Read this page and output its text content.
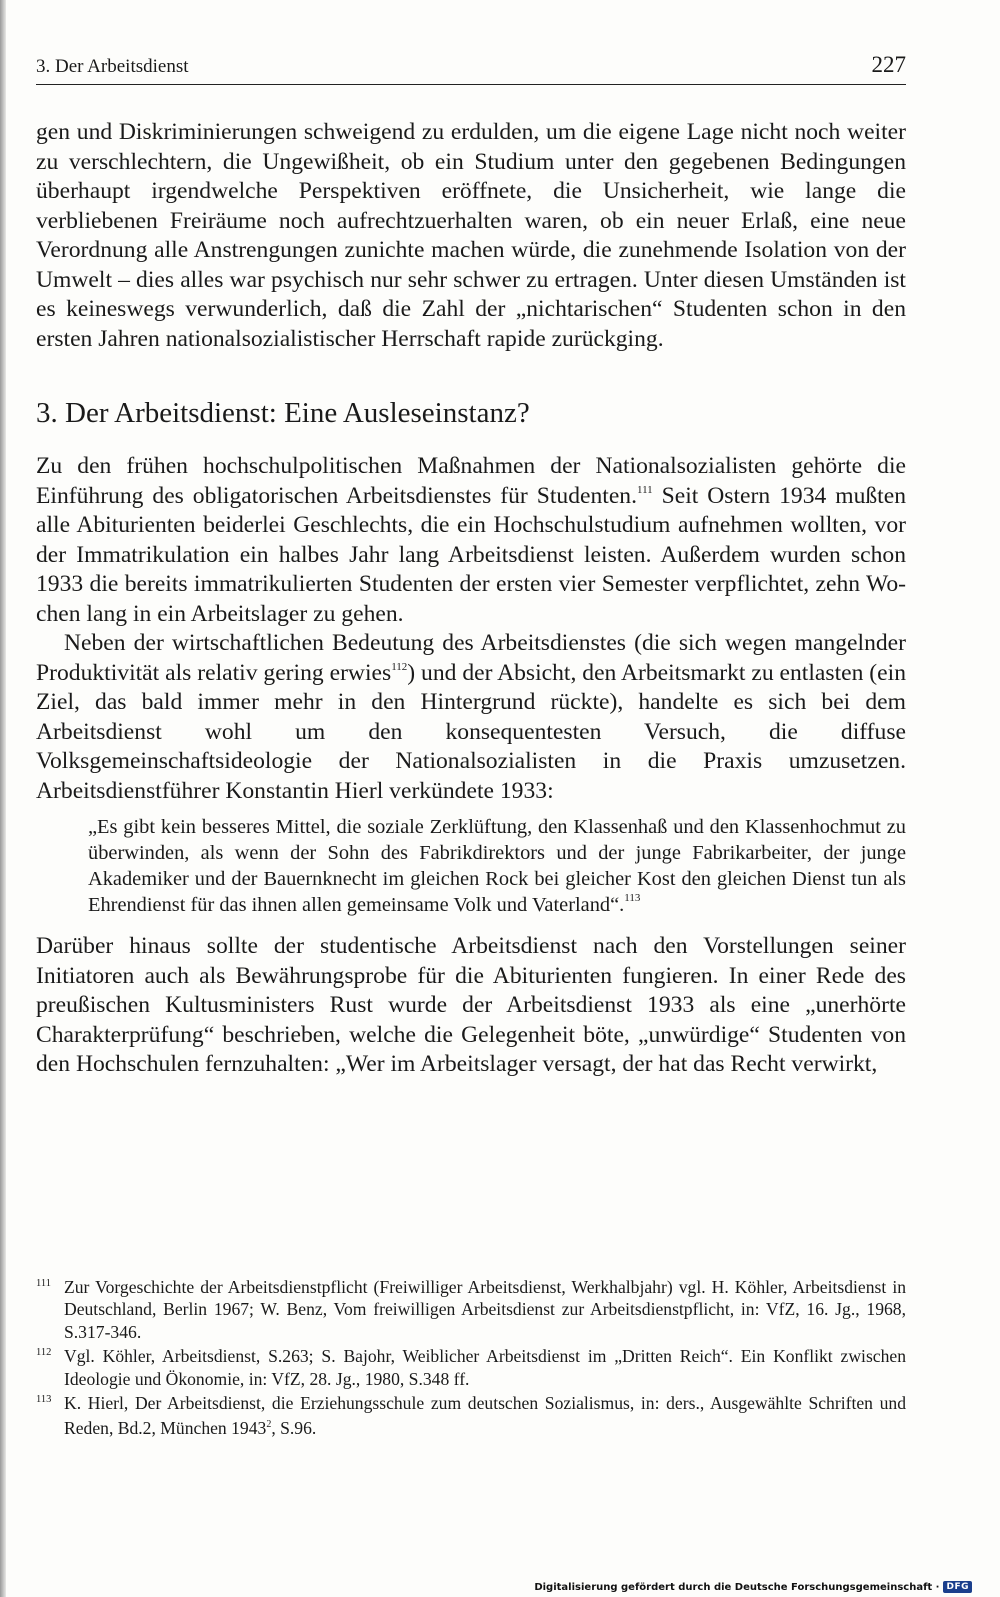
3. Der Arbeitsdienst	227

gen und Diskriminierungen schweigend zu erdulden, um die eigene Lage nicht noch weiter zu verschlechtern, die Ungewißheit, ob ein Studium unter den gegebenen Bedingungen überhaupt irgendwelche Perspektiven eröffnete, die Unsicherheit, wie lange die verbliebenen Freiräume noch aufrechtzuerhalten waren, ob ein neuer Erlaß, eine neue Verordnung alle Anstrengungen zunichte machen würde, die zunehmende Isolation von der Umwelt – dies alles war psychisch nur sehr schwer zu ertragen. Unter diesen Umständen ist es keineswegs verwunderlich, daß die Zahl der „nichtarischen“ Studenten schon in den ersten Jahren nationalsozialistischer Herrschaft rapide zurückging.

3. Der Arbeitsdienst: Eine Ausleseinstanz?

Zu den frühen hochschulpolitischen Maßnahmen der Nationalsozialisten gehörte die Einführung des obligatorischen Arbeitsdienstes für Studenten.$^{111}$ Seit Ostern 1934 mußten alle Abiturienten beiderlei Geschlechts, die ein Hochschulstudium aufnehmen wollten, vor der Immatrikulation ein halbes Jahr lang Arbeitsdienst leisten. Außerdem wurden schon 1933 die bereits immatrikulierten Studenten der ersten vier Semester verpflichtet, zehn Wochen lang in ein Arbeitslager zu gehen.

Neben der wirtschaftlichen Bedeutung des Arbeitsdienstes (die sich wegen mangelnder Produktivität als relativ gering erwies$^{112}$) und der Absicht, den Arbeitsmarkt zu entlasten (ein Ziel, das bald immer mehr in den Hintergrund rückte), handelte es sich bei dem Arbeitsdienst wohl um den konsequentesten Versuch, die diffuse Volksgemeinschaftsideologie der Nationalsozialisten in die Praxis umzusetzen. Arbeitsdienstführer Konstantin Hierl verkündete 1933:

„Es gibt kein besseres Mittel, die soziale Zerklüftung, den Klassenhaß und den Klassenhochmut zu überwinden, als wenn der Sohn des Fabrikdirektors und der junge Fabrikarbeiter, der junge Akademiker und der Bauernknecht im gleichen Rock bei gleicher Kost den gleichen Dienst tun als Ehrendienst für das ihnen allen gemeinsame Volk und Vaterland“.$^{113}$

Darüber hinaus sollte der studentische Arbeitsdienst nach den Vorstellungen seiner Initiatoren auch als Bewährungsprobe für die Abiturienten fungieren. In einer Rede des preußischen Kultusministers Rust wurde der Arbeitsdienst 1933 als eine „unerhörte Charakterprüfung“ beschrieben, welche die Gelegenheit böte, „unwürdige“ Studenten von den Hochschulen fernzuhalten: „Wer im Arbeitslager versagt, der hat das Recht verwirkt,

111 Zur Vorgeschichte der Arbeitsdienstpflicht (Freiwilliger Arbeitsdienst, Werkhalbjahr) vgl. H. Köhler, Arbeitsdienst in Deutschland, Berlin 1967; W. Benz, Vom freiwilligen Arbeitsdienst zur Arbeitsdienstpflicht, in: VfZ, 16. Jg., 1968, S.317-346.
112 Vgl. Köhler, Arbeitsdienst, S.263; S. Bajohr, Weiblicher Arbeitsdienst im „Dritten Reich“. Ein Konflikt zwischen Ideologie und Ökonomie, in: VfZ, 28. Jg., 1980, S.348 ff.
113 K. Hierl, Der Arbeitsdienst, die Erziehungsschule zum deutschen Sozialismus, in: ders., Ausgewählte Schriften und Reden, Bd.2, München 1943$^2$, S.96.
Digitalisierung gefördert durch die Deutsche Forschungsgemeinschaft · DFG
